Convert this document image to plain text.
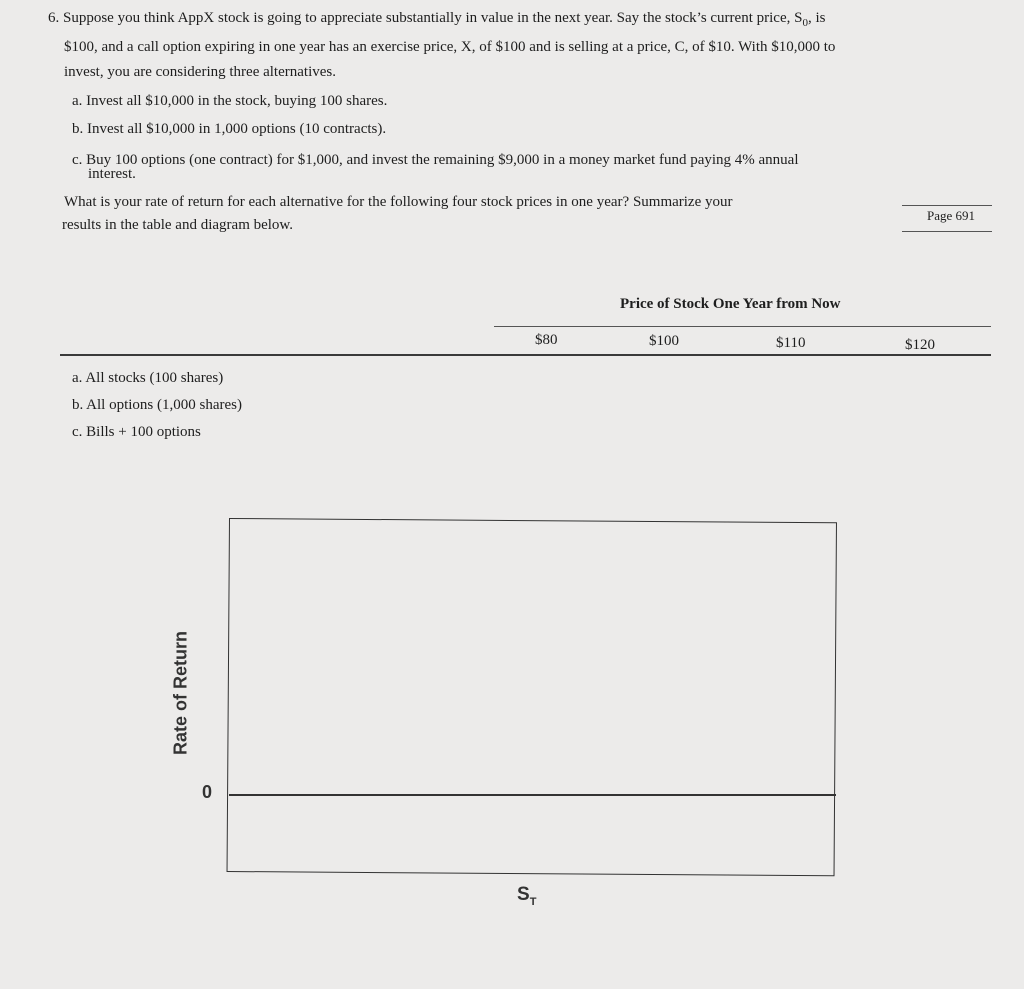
6. Suppose you think AppX stock is going to appreciate substantially in value in the next year. Say the stock’s current price, $S_0$, is
$100, and a call option expiring in one year has an exercise price, X, of $100 and is selling at a price, C, of $10. With $10,000 to
invest, you are considering three alternatives.
a. Invest all $10,000 in the stock, buying 100 shares.
b. Invest all $10,000 in 1,000 options (10 contracts).
c. Buy 100 options (one contract) for $1,000, and invest the remaining $9,000 in a money market fund paying 4% annual
interest.
What is your rate of return for each alternative for the following four stock prices in one year? Summarize your
results in the table and diagram below.
Page 691
Price of Stock One Year from Now
$80	$100	$110	$120
a. All stocks (100 shares)
b. All options (1,000 shares)
c. Bills + 100 options
Rate of Return
0
$S_T$
